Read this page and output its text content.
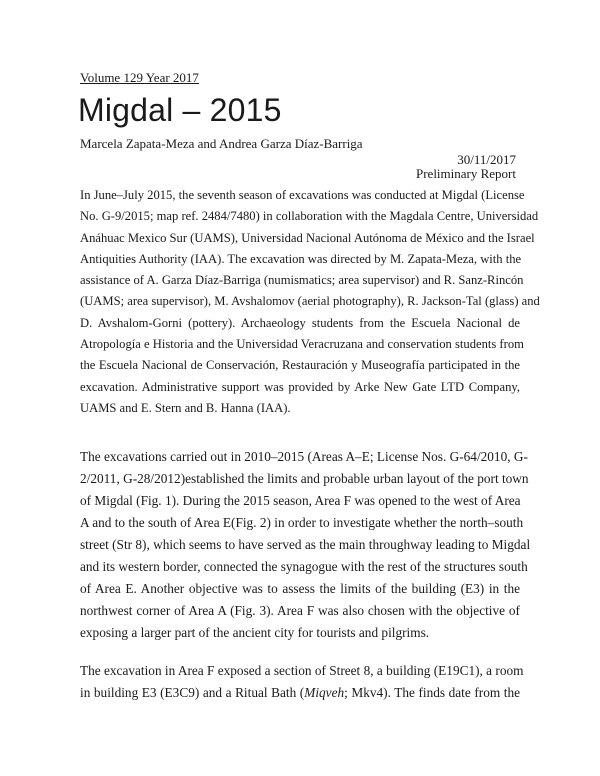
Volume 129 Year 2017
Migdal – 2015
Marcela Zapata-Meza and Andrea Garza Díaz-Barriga
30/11/2017
Preliminary Report

In June–July 2015, the seventh season of excavations was conducted at Migdal (License
No. G-9/2015; map ref. 2484/7480) in collaboration with the Magdala Centre, Universidad
Anáhuac Mexico Sur (UAMS), Universidad Nacional Autónoma de México and the Israel
Antiquities Authority (IAA). The excavation was directed by M. Zapata-Meza, with the
assistance of A. Garza Díaz-Barriga (numismatics; area supervisor) and R. Sanz-Rincón
(UAMS; area supervisor), M. Avshalomov (aerial photography), R. Jackson-Tal (glass) and
D. Avshalom-Gorni (pottery). Archaeology students from the Escuela Nacional de
Atropología e Historia and the Universidad Veracruzana and conservation students from
the Escuela Nacional de Conservación, Restauración y Museografía participated in the
excavation. Administrative support was provided by Arke New Gate LTD Company,
UAMS and E. Stern and B. Hanna (IAA).

The excavations carried out in 2010–2015 (Areas A–E; License Nos. G-64/2010, G-
2/2011, G-28/2012)established the limits and probable urban layout of the port town
of Migdal (Fig. 1). During the 2015 season, Area F was opened to the west of Area
A and to the south of Area E(Fig. 2) in order to investigate whether the north–south
street (Str 8), which seems to have served as the main throughway leading to Migdal
and its western border, connected the synagogue with the rest of the structures south
of Area E. Another objective was to assess the limits of the building (E3) in the
northwest corner of Area A (Fig. 3). Area F was also chosen with the objective of
exposing a larger part of the ancient city for tourists and pilgrims.

The excavation in Area F exposed a section of Street 8, a building (E19C1), a room
in building E3 (E3C9) and a Ritual Bath (Miqveh; Mkv4). The finds date from the
